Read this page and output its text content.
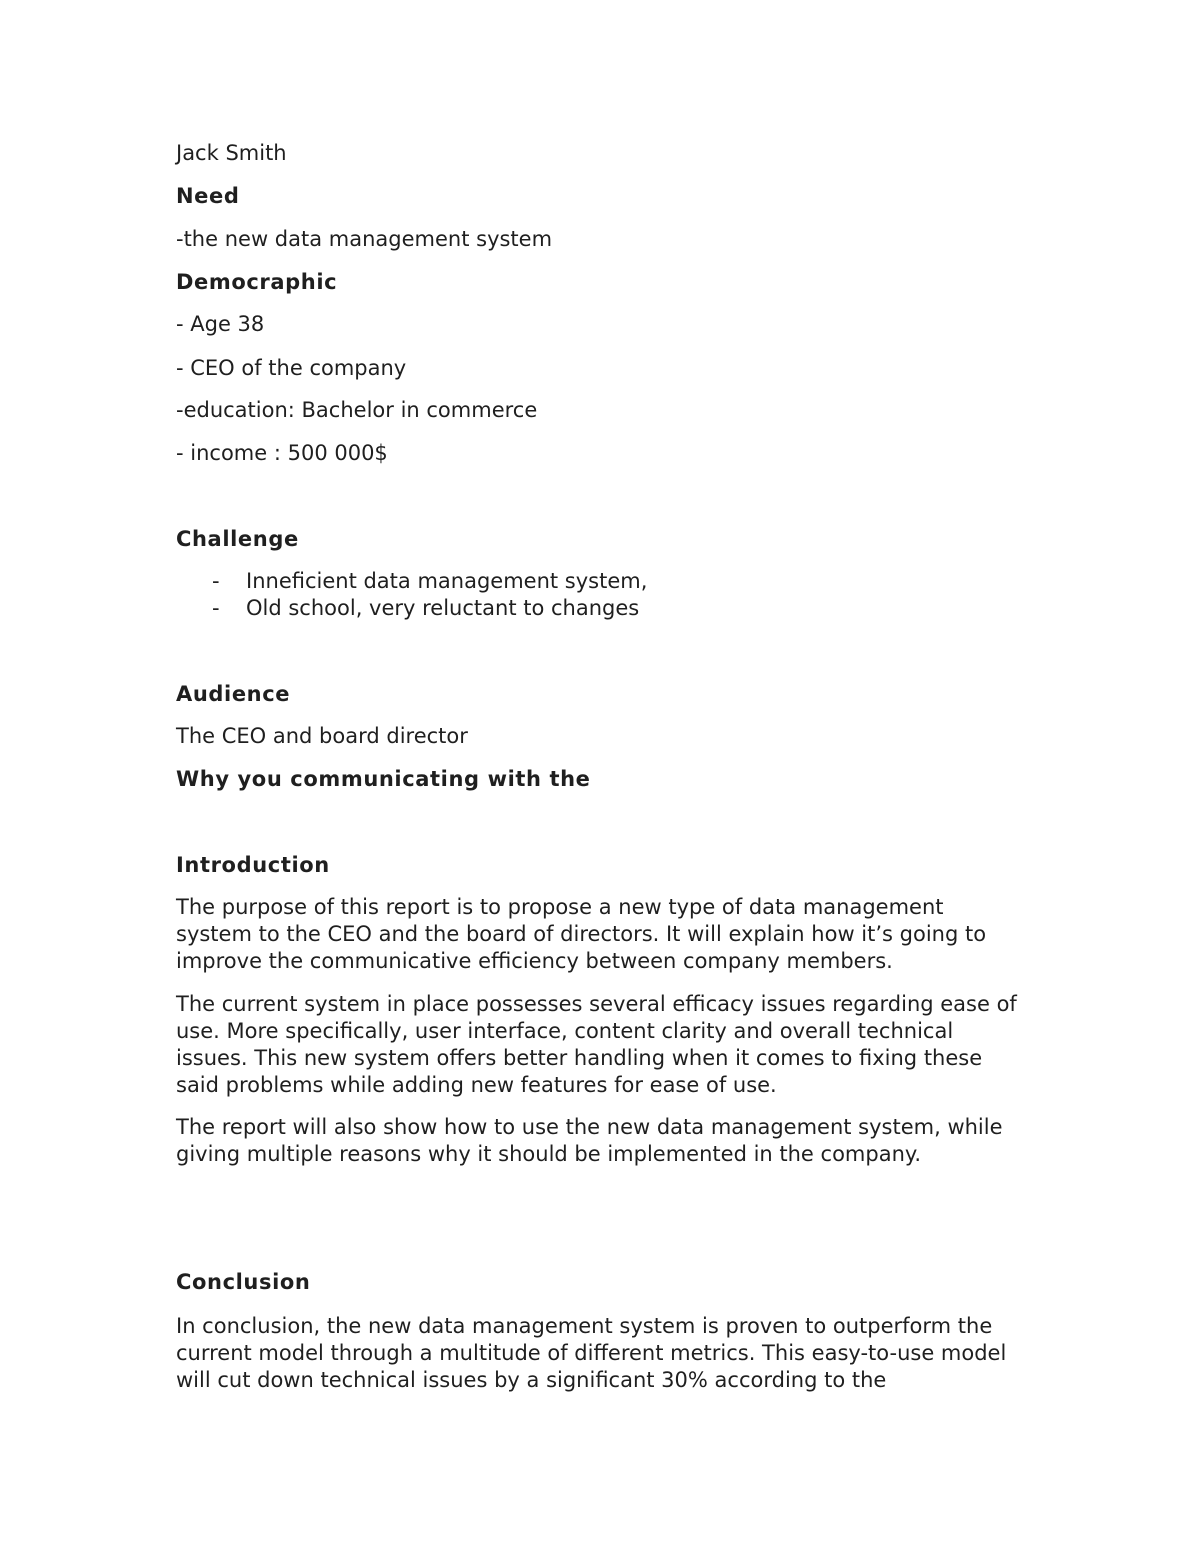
Jack Smith

Need

-the new data management system

Democraphic

- Age 38

- CEO of the company

-education: Bachelor in commerce

- income : 500 000$

Challenge

- Inneficient data management system,
- Old school, very reluctant to changes

Audience

The CEO and board director

Why you communicating with the

Introduction

The purpose of this report is to propose a new type of data management system to the CEO and the board of directors. It will explain how it’s going to improve the communicative efficiency between company members.

The current system in place possesses several efficacy issues regarding ease of use. More specifically, user interface, content clarity and overall technical issues. This new system offers better handling when it comes to fixing these said problems while adding new features for ease of use.

The report will also show how to use the new data management system, while giving multiple reasons why it should be implemented in the company.

Conclusion

In conclusion, the new data management system is proven to outperform the current model through a multitude of different metrics. This easy-to-use model will cut down technical issues by a significant 30% according to the
